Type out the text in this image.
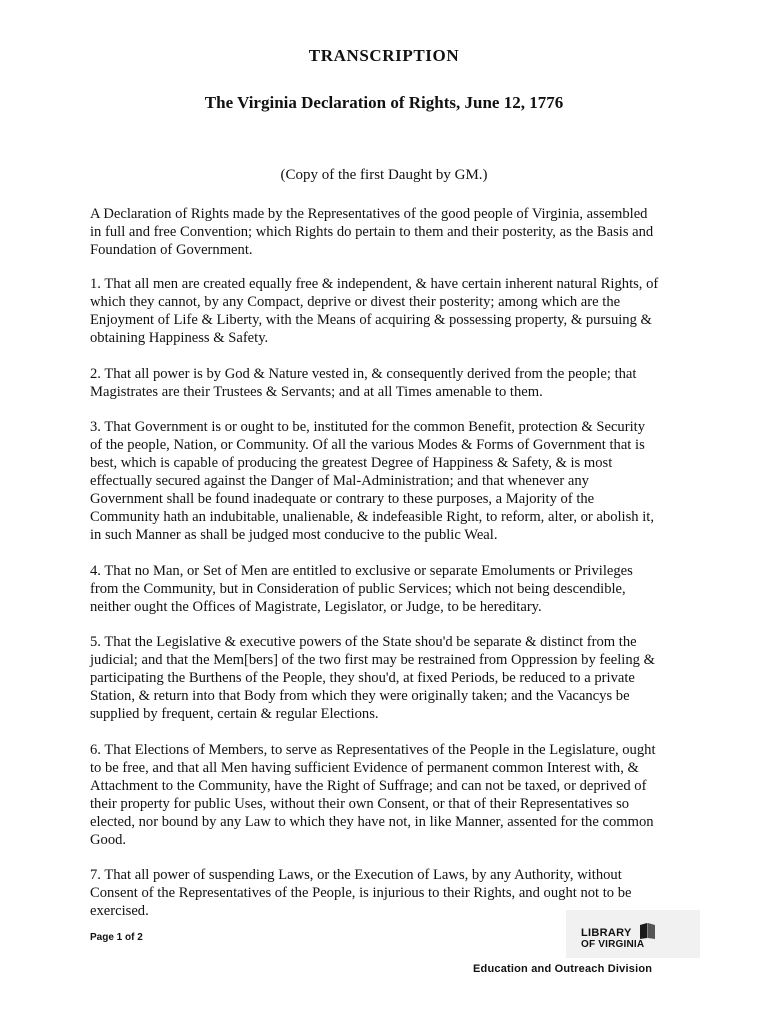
TRANSCRIPTION
The Virginia Declaration of Rights, June 12, 1776

(Copy of the first Daught by GM.)

A Declaration of Rights made by the Representatives of the good people of Virginia, assembled
in full and free Convention; which Rights do pertain to them and their posterity, as the Basis and
Foundation of Government.

1. That all men are created equally free & independent, & have certain inherent natural Rights, of
which they cannot, by any Compact, deprive or divest their posterity; among which are the
Enjoyment of Life & Liberty, with the Means of acquiring & possessing property, & pursuing &
obtaining Happiness & Safety.

2. That all power is by God & Nature vested in, & consequently derived from the people; that
Magistrates are their Trustees & Servants; and at all Times amenable to them.

3. That Government is or ought to be, instituted for the common Benefit, protection & Security
of the people, Nation, or Community. Of all the various Modes & Forms of Government that is
best, which is capable of producing the greatest Degree of Happiness & Safety, & is most
effectually secured against the Danger of Mal-Administration; and that whenever any
Government shall be found inadequate or contrary to these purposes, a Majority of the
Community hath an indubitable, unalienable, & indefeasible Right, to reform, alter, or abolish it,
in such Manner as shall be judged most conducive to the public Weal.

4. That no Man, or Set of Men are entitled to exclusive or separate Emoluments or Privileges
from the Community, but in Consideration of public Services; which not being descendible,
neither ought the Offices of Magistrate, Legislator, or Judge, to be hereditary.

5. That the Legislative & executive powers of the State shou'd be separate & distinct from the
judicial; and that the Mem[bers] of the two first may be restrained from Oppression by feeling &
participating the Burthens of the People, they shou'd, at fixed Periods, be reduced to a private
Station, & return into that Body from which they were originally taken; and the Vacancys be
supplied by frequent, certain & regular Elections.

6. That Elections of Members, to serve as Representatives of the People in the Legislature, ought
to be free, and that all Men having sufficient Evidence of permanent common Interest with, &
Attachment to the Community, have the Right of Suffrage; and can not be taxed, or deprived of
their property for public Uses, without their own Consent, or that of their Representatives so
elected, nor bound by any Law to which they have not, in like Manner, assented for the common
Good.

7. That all power of suspending Laws, or the Execution of Laws, by any Authority, without
Consent of the Representatives of the People, is injurious to their Rights, and ought not to be
exercised.

Page 1 of 2	LIBRARY
OF VIRGINIA
Education and Outreach Division
